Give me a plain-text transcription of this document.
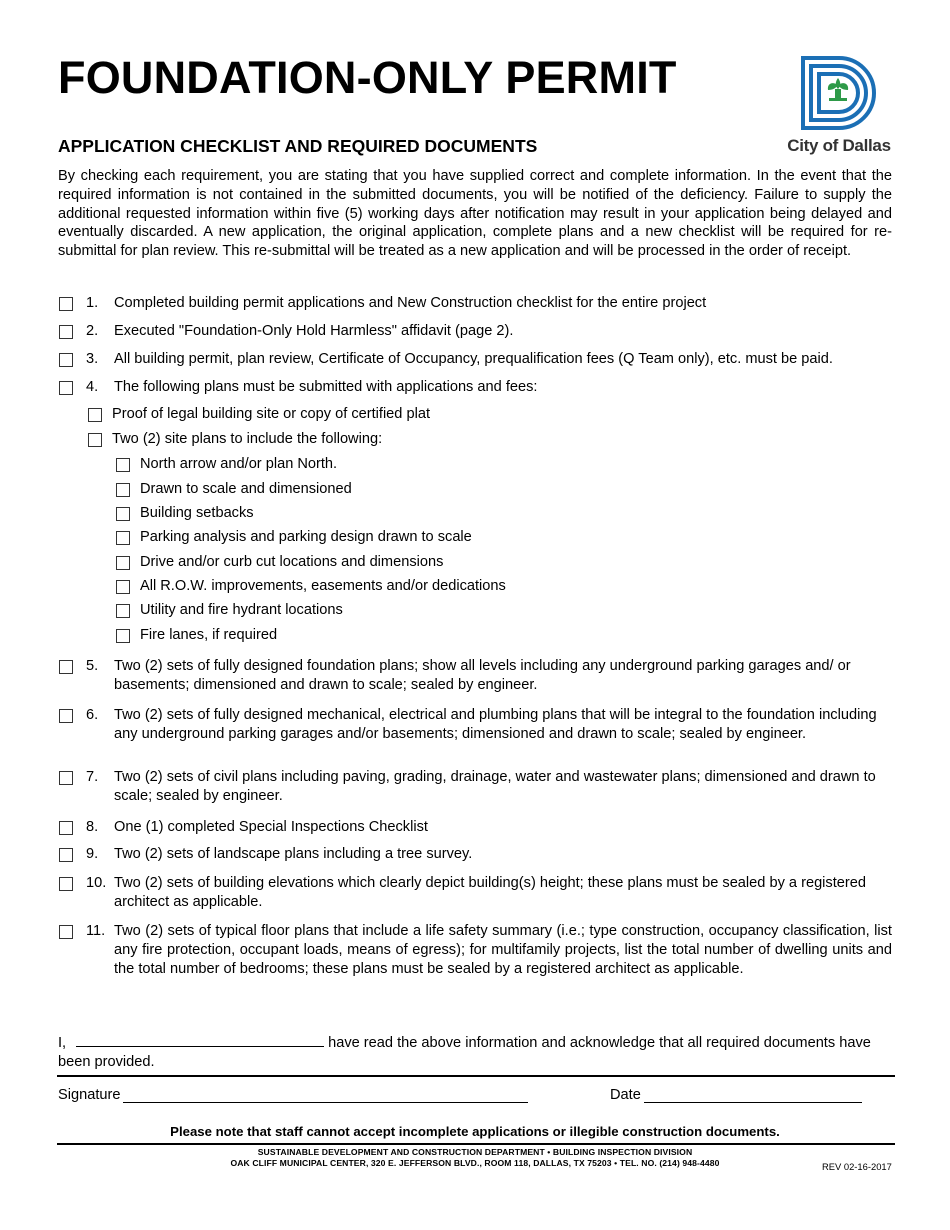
FOUNDATION-ONLY PERMIT
APPLICATION CHECKLIST AND REQUIRED DOCUMENTS	City of Dallas
By checking each requirement, you are stating that you have supplied correct and complete information. In the event that the required information is not contained in the submitted documents, you will be notified of the deficiency. Failure to supply the additional requested information within five (5) working days after notification may result in your application being delayed and eventually discarded. A new application, the original application, complete plans and a new checklist will be required for re-submittal for plan review. This re-submittal will be treated as a new application and will be processed in the order of receipt.
1. Completed building permit applications and New Construction checklist for the entire project
2. Executed "Foundation-Only Hold Harmless" affidavit (page 2).
3. All building permit, plan review, Certificate of Occupancy, prequalification fees (Q Team only), etc. must be paid.
4. The following plans must be submitted with applications and fees:
Proof of legal building site or copy of certified plat
Two (2) site plans to include the following:
North arrow and/or plan North.
Drawn to scale and dimensioned
Building setbacks
Parking analysis and parking design drawn to scale
Drive and/or curb cut locations and dimensions
All R.O.W. improvements, easements and/or dedications
Utility and fire hydrant locations
Fire lanes, if required
5. Two (2) sets of fully designed foundation plans; show all levels including any underground parking garages and/ or basements; dimensioned and drawn to scale; sealed by engineer.
6. Two (2) sets of fully designed mechanical, electrical and plumbing plans that will be integral to the foundation including any underground parking garages and/or basements; dimensioned and drawn to scale; sealed by engineer.
7. Two (2) sets of civil plans including paving, grading, drainage, water and wastewater plans; dimensioned and drawn to scale; sealed by engineer.
8. One (1) completed Special Inspections Checklist
9. Two (2) sets of landscape plans including a tree survey.
10. Two (2) sets of building elevations which clearly depict building(s) height; these plans must be sealed by a registered architect as applicable.
11. Two (2) sets of typical floor plans that include a life safety summary (i.e.; type construction, occupancy classification, list any fire protection, occupant loads, means of egress); for multifamily projects, list the total number of dwelling units and the total number of bedrooms; these plans must be sealed by a registered architect as applicable.
I,	have read the above information and acknowledge that all required documents have been provided.
Signature	Date
Please note that staff cannot accept incomplete applications or illegible construction documents.
SUSTAINABLE DEVELOPMENT AND CONSTRUCTION DEPARTMENT • BUILDING INSPECTION DIVISION
OAK CLIFF MUNICIPAL CENTER, 320 E. JEFFERSON BLVD., ROOM 118, DALLAS, TX 75203 • TEL. NO. (214) 948-4480	REV 02-16-2017
